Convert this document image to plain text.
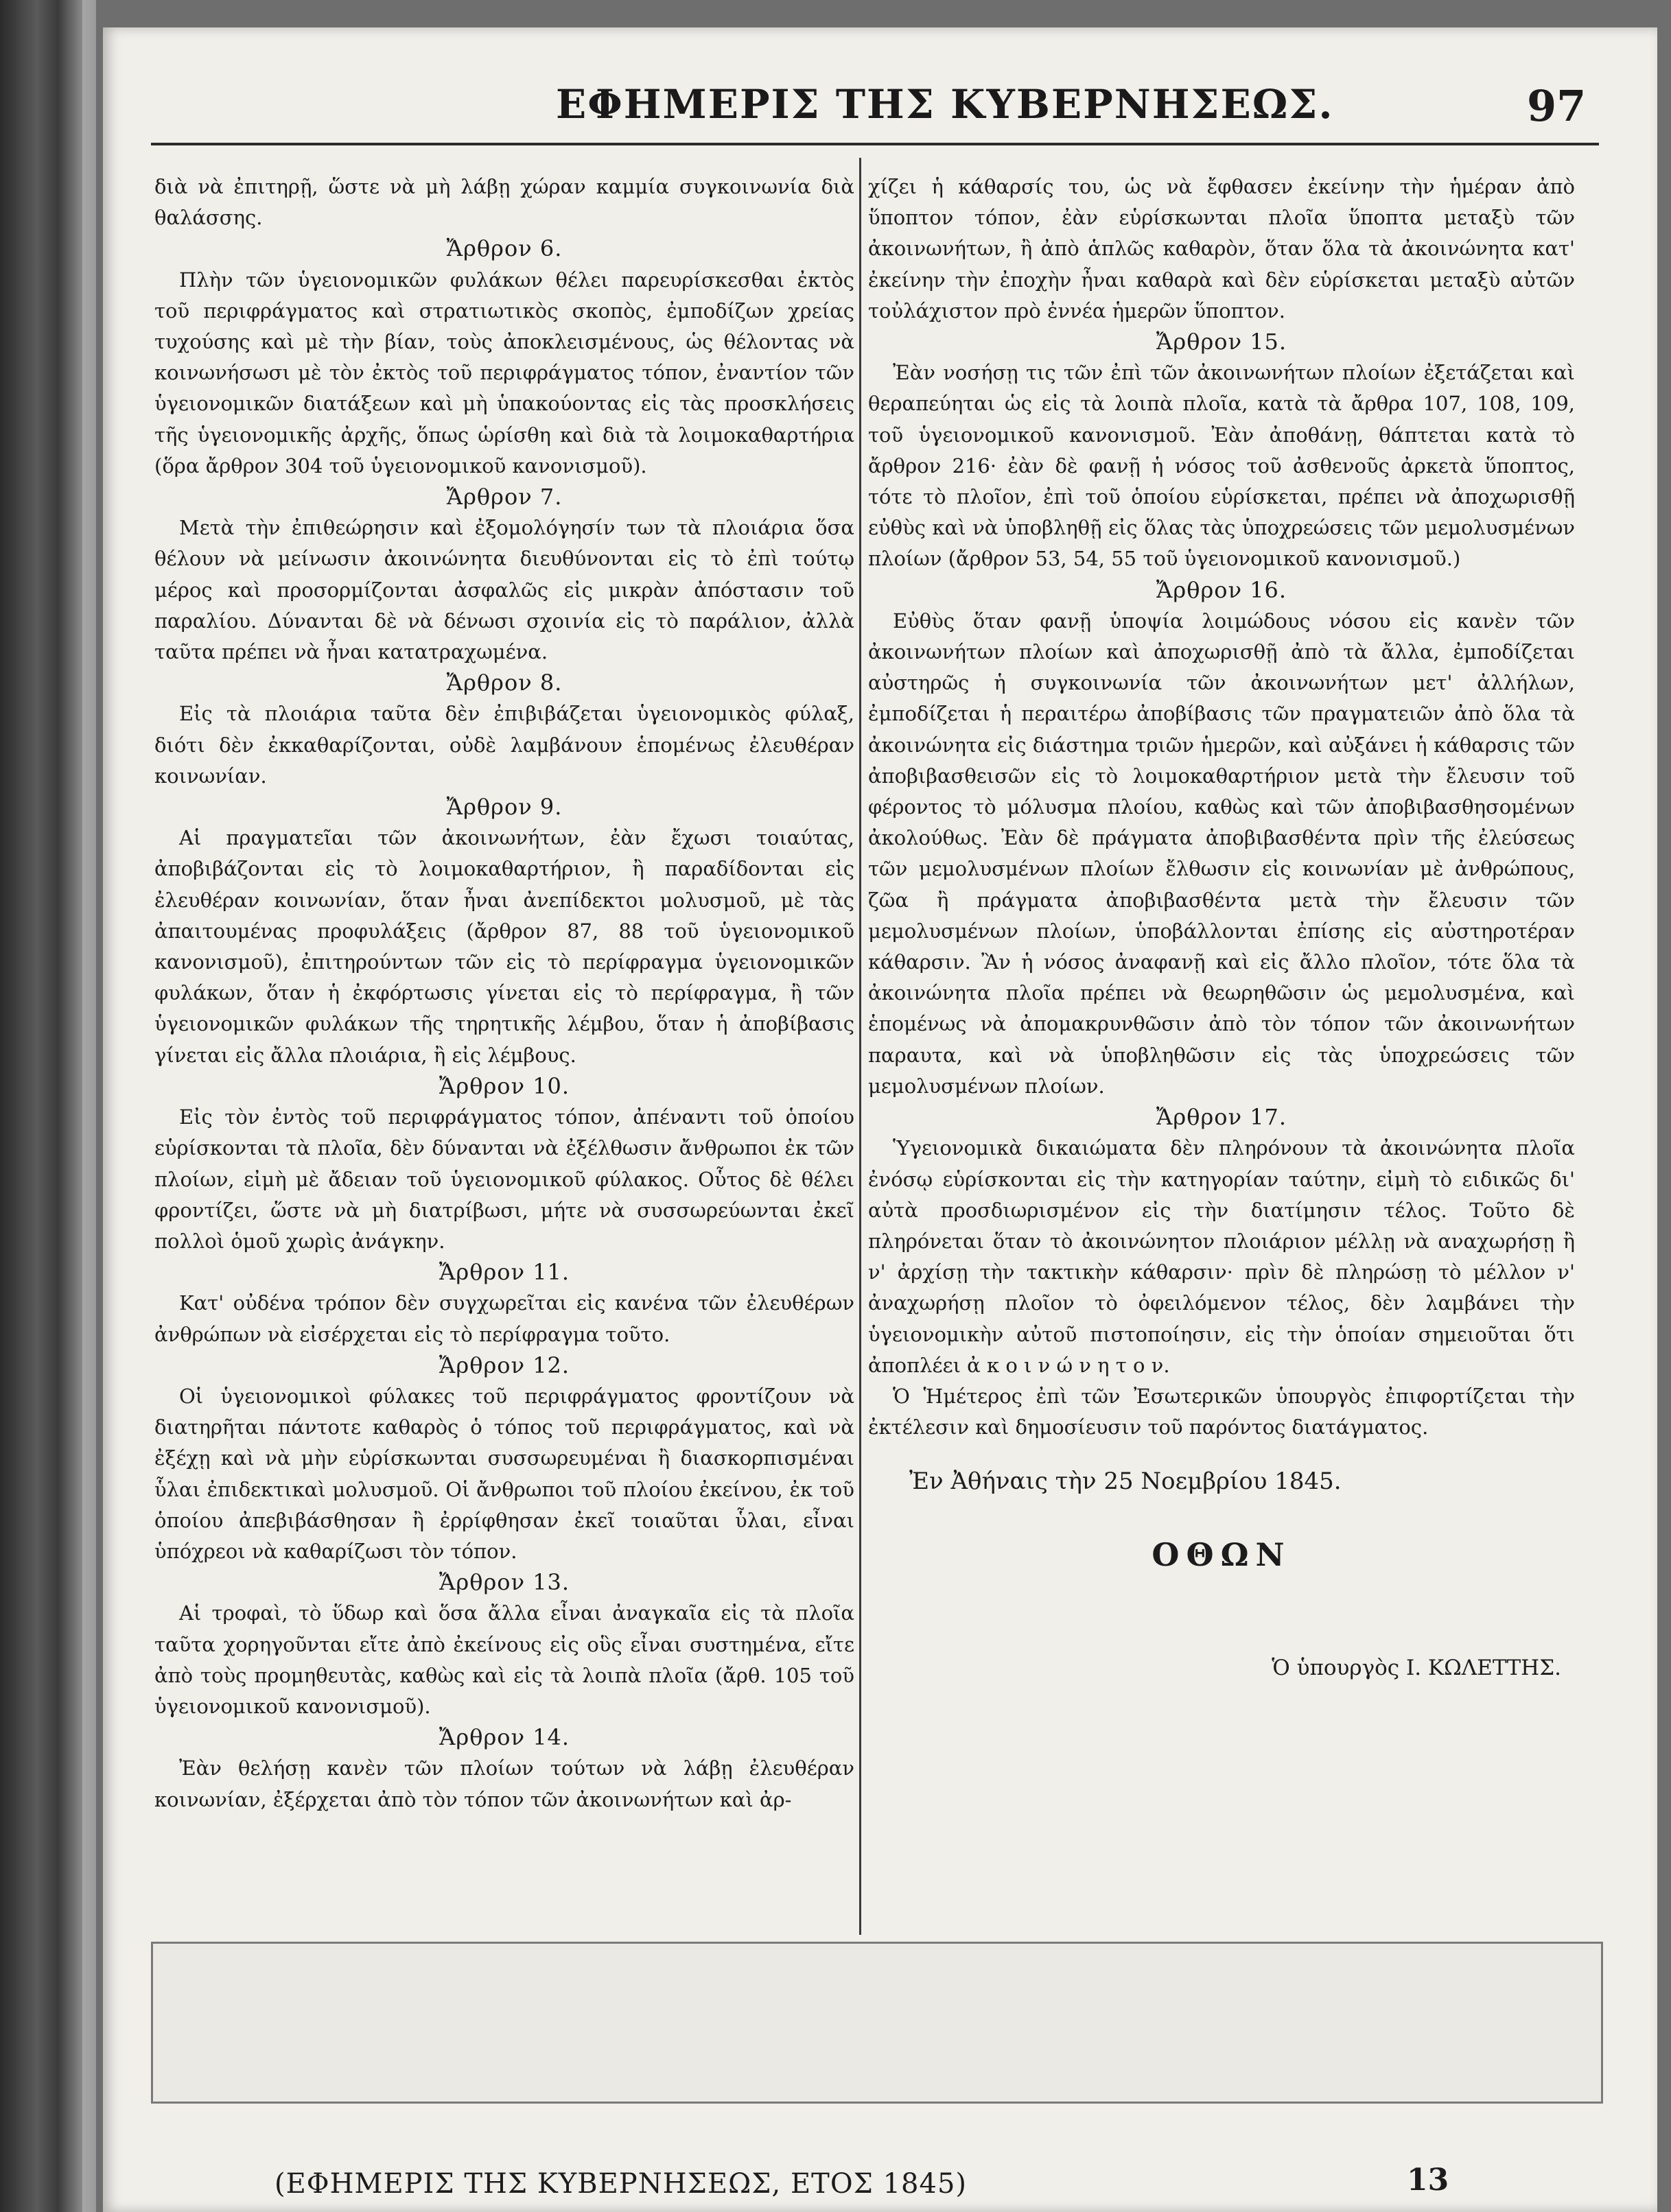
ΕΦΗΜΕΡΙΣ ΤΗΣ ΚΥΒΕΡΝΗΣΕΩΣ.	97
διὰ νὰ ἐπιτηρῇ, ὥστε νὰ μὴ λάβῃ χώραν καμμία συγκοινωνία διὰ θαλάσσης.
Ἄρθρον 6.
Πλὴν τῶν ὑγειονομικῶν φυλάκων θέλει παρευρίσκεσθαι ἐκτὸς τοῦ περιφράγματος καὶ στρατιωτικὸς σκοπὸς, ἐμποδίζων χρείας τυχούσης καὶ μὲ τὴν βίαν, τοὺς ἀποκλεισμένους, ὡς θέλοντας νὰ κοινωνήσωσι μὲ τὸν ἐκτὸς τοῦ περιφράγματος τόπον, ἐναντίον τῶν ὑγειονομικῶν διατάξεων καὶ μὴ ὑπακούοντας εἰς τὰς προσκλήσεις τῆς ὑγειονομικῆς ἀρχῆς, ὅπως ὡρίσθη καὶ διὰ τὰ λοιμοκαθαρτήρια (ὅρα ἄρθρον 304 τοῦ ὑγειονομικοῦ κανονισμοῦ).
Ἄρθρον 7.
Μετὰ τὴν ἐπιθεώρησιν καὶ ἐξομολόγησίν των τὰ πλοιάρια ὅσα θέλουν νὰ μείνωσιν ἀκοινώνητα διευθύνονται εἰς τὸ ἐπὶ τούτῳ μέρος καὶ προσορμίζονται ἀσφαλῶς εἰς μικρὰν ἀπόστασιν τοῦ παραλίου. Δύνανται δὲ νὰ δένωσι σχοινία εἰς τὸ παράλιον, ἀλλὰ ταῦτα πρέπει νὰ ἦναι κατατραχωμένα.
Ἄρθρον 8.
Εἰς τὰ πλοιάρια ταῦτα δὲν ἐπιβιβάζεται ὑγειονομικὸς φύλαξ, διότι δὲν ἐκκαθαρίζονται, οὐδὲ λαμβάνουν ἑπομένως ἐλευθέραν κοινωνίαν.
Ἄρθρον 9.
Αἱ πραγματεῖαι τῶν ἀκοινωνήτων, ἐὰν ἔχωσι τοιαύτας, ἀποβιβάζονται εἰς τὸ λοιμοκαθαρτήριον, ἢ παραδίδονται εἰς ἐλευθέραν κοινωνίαν, ὅταν ἦναι ἀνεπίδεκτοι μολυσμοῦ, μὲ τὰς ἀπαιτουμένας προφυλάξεις (ἄρθρον 87, 88 τοῦ ὑγειονομικοῦ κανονισμοῦ), ἐπιτηρούντων τῶν εἰς τὸ περίφραγμα ὑγειονομικῶν φυλάκων, ὅταν ἡ ἐκφόρτωσις γίνεται εἰς τὸ περίφραγμα, ἢ τῶν ὑγειονομικῶν φυλάκων τῆς τηρητικῆς λέμβου, ὅταν ἡ ἀποβίβασις γίνεται εἰς ἄλλα πλοιάρια, ἢ εἰς λέμβους.
Ἄρθρον 10.
Εἰς τὸν ἐντὸς τοῦ περιφράγματος τόπον, ἀπέναντι τοῦ ὁποίου εὑρίσκονται τὰ πλοῖα, δὲν δύνανται νὰ ἐξέλθωσιν ἄνθρωποι ἐκ τῶν πλοίων, εἰμὴ μὲ ἄδειαν τοῦ ὑγειονομικοῦ φύλακος. Οὗτος δὲ θέλει φροντίζει, ὥστε νὰ μὴ διατρίβωσι, μήτε νὰ συσσωρεύωνται ἐκεῖ πολλοὶ ὁμοῦ χωρὶς ἀνάγκην.
Ἄρθρον 11.
Κατ' οὐδένα τρόπον δὲν συγχωρεῖται εἰς κανένα τῶν ἐλευθέρων ἀνθρώπων νὰ εἰσέρχεται εἰς τὸ περίφραγμα τοῦτο.
Ἄρθρον 12.
Οἱ ὑγειονομικοὶ φύλακες τοῦ περιφράγματος φροντίζουν νὰ διατηρῆται πάντοτε καθαρὸς ὁ τόπος τοῦ περιφράγματος, καὶ νὰ ἐξέχῃ καὶ νὰ μὴν εὑρίσκωνται συσσωρευμέναι ἢ διασκορπισμέναι ὗλαι ἐπιδεκτικαὶ μολυσμοῦ. Οἱ ἄνθρωποι τοῦ πλοίου ἐκείνου, ἐκ τοῦ ὁποίου ἀπεβιβάσθησαν ἢ ἐρρίφθησαν ἐκεῖ τοιαῦται ὗλαι, εἶναι ὑπόχρεοι νὰ καθαρίζωσι τὸν τόπον.
Ἄρθρον 13.
Αἱ τροφαὶ, τὸ ὕδωρ καὶ ὅσα ἄλλα εἶναι ἀναγκαῖα εἰς τὰ πλοῖα ταῦτα χορηγοῦνται εἴτε ἀπὸ ἐκείνους εἰς οὓς εἶναι συστημένα, εἴτε ἀπὸ τοὺς προμηθευτὰς, καθὼς καὶ εἰς τὰ λοιπὰ πλοῖα (ἄρθ. 105 τοῦ ὑγειονομικοῦ κανονισμοῦ).
Ἄρθρον 14.
Ἐὰν θελήσῃ κανὲν τῶν πλοίων τούτων νὰ λάβῃ ἐλευθέραν κοινωνίαν, ἐξέρχεται ἀπὸ τὸν τόπον τῶν ἀκοινωνήτων καὶ ἀρ-
χίζει ἡ κάθαρσίς του, ὡς νὰ ἔφθασεν ἐκείνην τὴν ἡμέραν ἀπὸ ὕποπτον τόπον, ἐὰν εὑρίσκωνται πλοῖα ὕποπτα μεταξὺ τῶν ἀκοινωνήτων, ἢ ἀπὸ ἁπλῶς καθαρὸν, ὅταν ὅλα τὰ ἀκοινώνητα κατ' ἐκείνην τὴν ἐποχὴν ἦναι καθαρὰ καὶ δὲν εὑρίσκεται μεταξὺ αὐτῶν τοὐλάχιστον πρὸ ἐννέα ἡμερῶν ὕποπτον.
Ἄρθρον 15.
Ἐὰν νοσήσῃ τις τῶν ἐπὶ τῶν ἀκοινωνήτων πλοίων ἐξετάζεται καὶ θεραπεύηται ὡς εἰς τὰ λοιπὰ πλοῖα, κατὰ τὰ ἄρθρα 107, 108, 109, τοῦ ὑγειονομικοῦ κανονισμοῦ. Ἐὰν ἀποθάνῃ, θάπτεται κατὰ τὸ ἄρθρον 216· ἐὰν δὲ φανῇ ἡ νόσος τοῦ ἀσθενοῦς ἀρκετὰ ὕποπτος, τότε τὸ πλοῖον, ἐπὶ τοῦ ὁποίου εὑρίσκεται, πρέπει νὰ ἀποχωρισθῇ εὐθὺς καὶ νὰ ὑποβληθῇ εἰς ὅλας τὰς ὑποχρεώσεις τῶν μεμολυσμένων πλοίων (ἄρθρον 53, 54, 55 τοῦ ὑγειονομικοῦ κανονισμοῦ.)
Ἄρθρον 16.
Εὐθὺς ὅταν φανῇ ὑποψία λοιμώδους νόσου εἰς κανὲν τῶν ἀκοινωνήτων πλοίων καὶ ἀποχωρισθῇ ἀπὸ τὰ ἄλλα, ἐμποδίζεται αὐστηρῶς ἡ συγκοινωνία τῶν ἀκοινωνήτων μετ' ἀλλήλων, ἐμποδίζεται ἡ περαιτέρω ἀποβίβασις τῶν πραγματειῶν ἀπὸ ὅλα τὰ ἀκοινώνητα εἰς διάστημα τριῶν ἡμερῶν, καὶ αὐξάνει ἡ κάθαρσις τῶν ἀποβιβασθεισῶν εἰς τὸ λοιμοκαθαρτήριον μετὰ τὴν ἔλευσιν τοῦ φέροντος τὸ μόλυσμα πλοίου, καθὼς καὶ τῶν ἀποβιβασθησομένων ἀκολούθως. Ἐὰν δὲ πράγματα ἀποβιβασθέντα πρὶν τῆς ἐλεύσεως τῶν μεμολυσμένων πλοίων ἔλθωσιν εἰς κοινωνίαν μὲ ἀνθρώπους, ζῶα ἢ πράγματα ἀποβιβασθέντα μετὰ τὴν ἔλευσιν τῶν μεμολυσμένων πλοίων, ὑποβάλλονται ἐπίσης εἰς αὐστηροτέραν κάθαρσιν. Ἂν ἡ νόσος ἀναφανῇ καὶ εἰς ἄλλο πλοῖον, τότε ὅλα τὰ ἀκοινώνητα πλοῖα πρέπει νὰ θεωρηθῶσιν ὡς μεμολυσμένα, καὶ ἑπομένως νὰ ἀπομακρυνθῶσιν ἀπὸ τὸν τόπον τῶν ἀκοινωνήτων παραυτα, καὶ νὰ ὑποβληθῶσιν εἰς τὰς ὑποχρεώσεις τῶν μεμολυσμένων πλοίων.
Ἄρθρον 17.
Ὑγειονομικὰ δικαιώματα δὲν πληρόνουν τὰ ἀκοινώνητα πλοῖα ἐνόσῳ εὑρίσκονται εἰς τὴν κατηγορίαν ταύτην, εἰμὴ τὸ ειδικῶς δι' αὐτὰ προσδιωρισμένον εἰς τὴν διατίμησιν τέλος. Τοῦτο δὲ πληρόνεται ὅταν τὸ ἀκοινώνητον πλοιάριον μέλλῃ νὰ αναχωρήσῃ ἢ ν' ἀρχίσῃ τὴν τακτικὴν κάθαρσιν· πρὶν δὲ πληρώσῃ τὸ μέλλον ν' ἀναχωρήσῃ πλοῖον τὸ ὀφειλόμενον τέλος, δὲν λαμβάνει τὴν ὑγειονομικὴν αὐτοῦ πιστοποίησιν, εἰς τὴν ὁποίαν σημειοῦται ὅτι ἀποπλέει ἀ κ ο ι ν ώ ν η τ ο ν.
Ὁ Ἡμέτερος ἐπὶ τῶν Ἐσωτερικῶν ὑπουργὸς ἐπιφορτίζεται τὴν ἐκτέλεσιν καὶ δημοσίευσιν τοῦ παρόντος διατάγματος.
Ἐν Ἀθήναις τὴν 25 Νοεμβρίου 1845.
ΟΘΩΝ
Ὁ ὑπουργὸς Ι. ΚΩΛΕΤΤΗΣ.
(ΕΦΗΜΕΡΙΣ ΤΗΣ ΚΥΒΕΡΝΗΣΕΩΣ, ΕΤΟΣ 1845)	13
